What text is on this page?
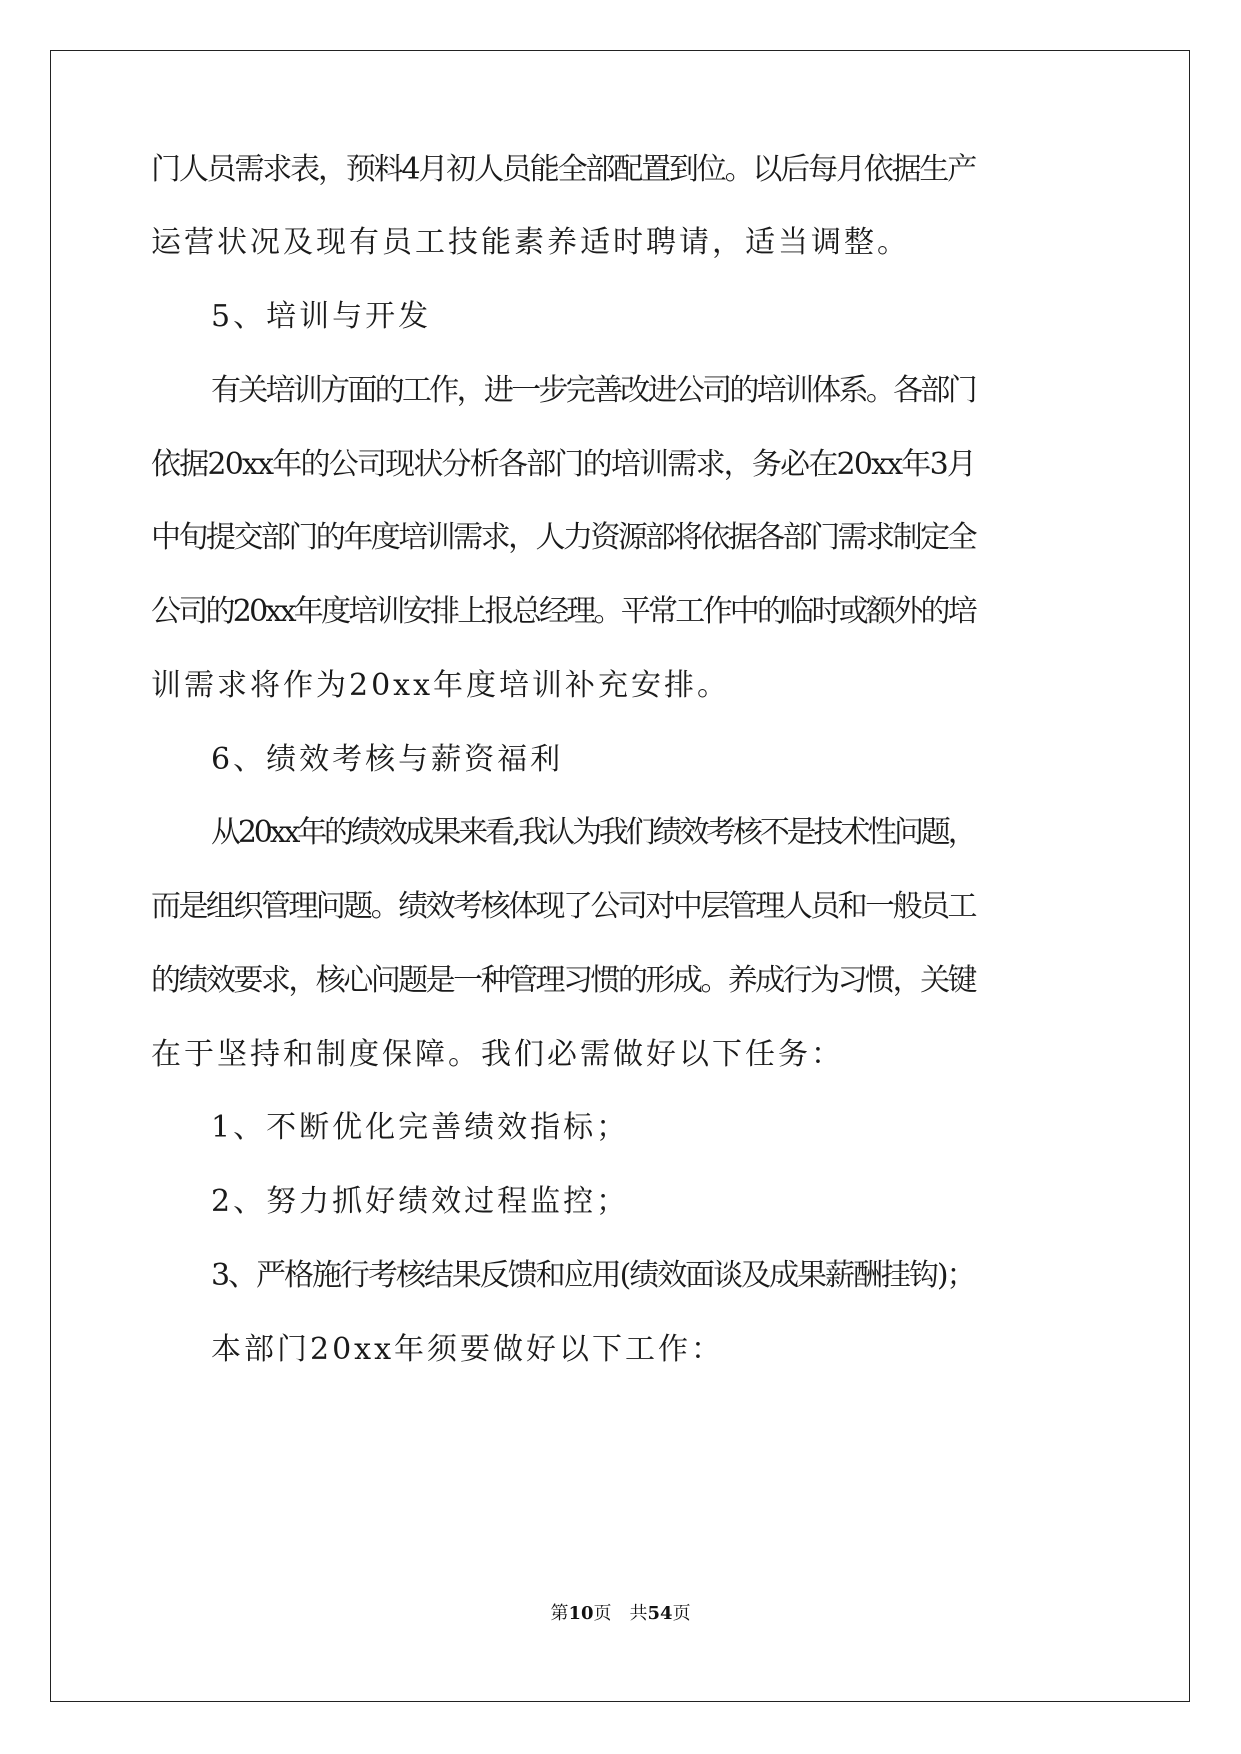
门人员需求表，预料4月初人员能全部配置到位。以后每月依据生产
运营状况及现有员工技能素养适时聘请，适当调整。
5、培训与开发
有关培训方面的工作，进一步完善改进公司的培训体系。各部门
依据20xx年的公司现状分析各部门的培训需求，务必在20xx年3月
中旬提交部门的年度培训需求，人力资源部将依据各部门需求制定全
公司的20xx年度培训安排上报总经理。平常工作中的临时或额外的培
训需求将作为20xx年度培训补充安排。
6、绩效考核与薪资福利
从20xx年的绩效成果来看,我认为我们绩效考核不是技术性问题，
而是组织管理问题。绩效考核体现了公司对中层管理人员和一般员工
的绩效要求，核心问题是一种管理习惯的形成。养成行为习惯，关键
在于坚持和制度保障。我们必需做好以下任务：
1、不断优化完善绩效指标；
2、努力抓好绩效过程监控；
3、严格施行考核结果反馈和应用(绩效面谈及成果薪酬挂钩)；
本部门20xx年须要做好以下工作：
第10页　共54页
